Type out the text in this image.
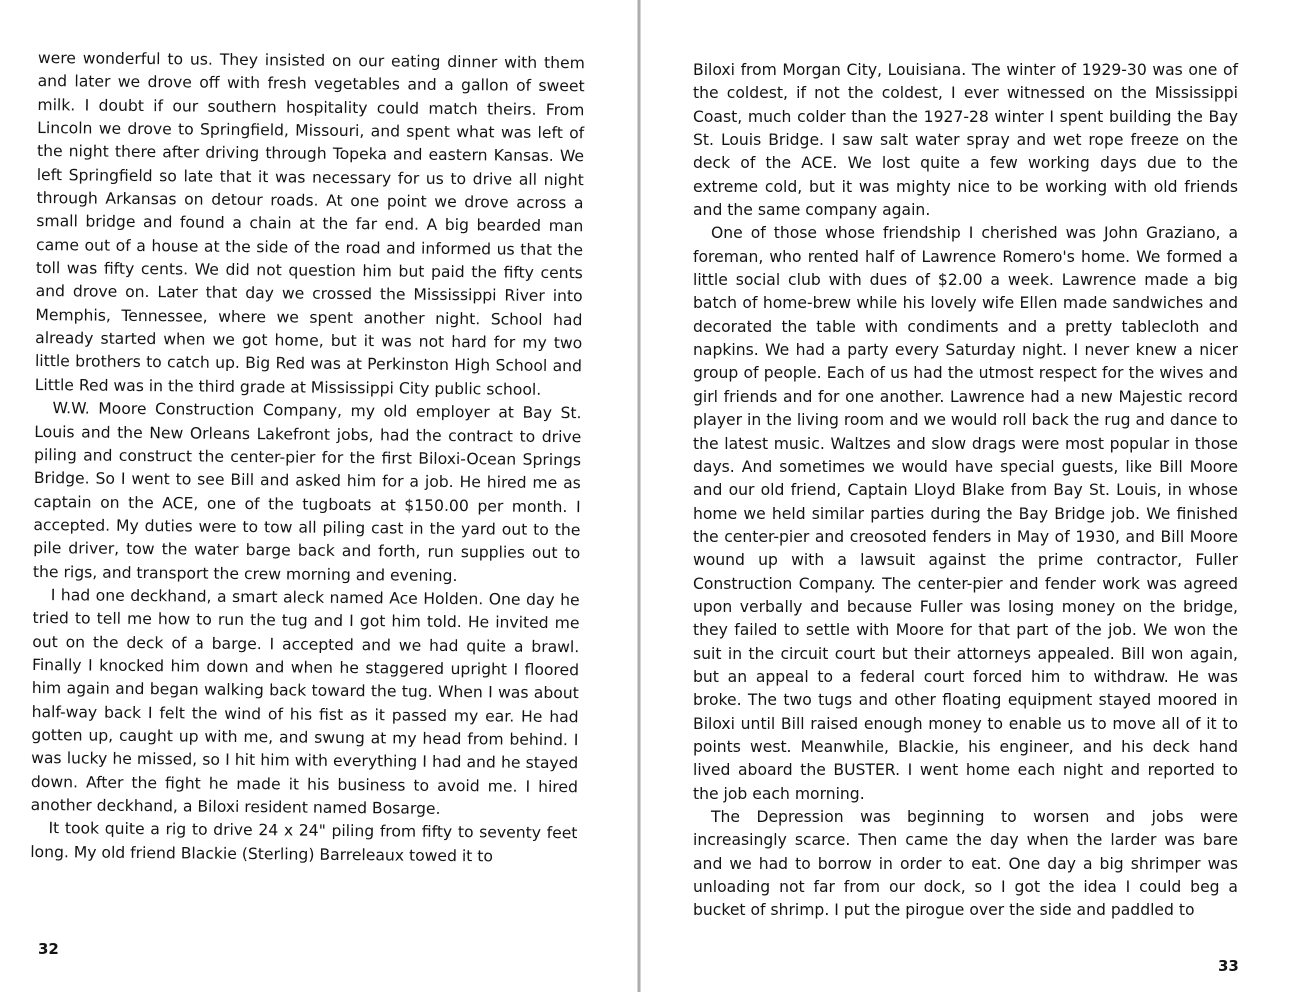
were wonderful to us. They insisted on our eating dinner with them and later we drove off with fresh vegetables and a gallon of sweet milk. I doubt if our southern hospitality could match theirs. From Lincoln we drove to Springfield, Missouri, and spent what was left of the night there after driving through Topeka and eastern Kansas. We left Springfield so late that it was necessary for us to drive all night through Arkansas on detour roads. At one point we drove across a small bridge and found a chain at the far end. A big bearded man came out of a house at the side of the road and informed us that the toll was fifty cents. We did not question him but paid the fifty cents and drove on. Later that day we crossed the Mississippi River into Memphis, Tennessee, where we spent another night. School had already started when we got home, but it was not hard for my two little brothers to catch up. Big Red was at Perkinston High School and Little Red was in the third grade at Mississippi City public school.

W.W. Moore Construction Company, my old employer at Bay St. Louis and the New Orleans Lakefront jobs, had the contract to drive piling and construct the center-pier for the first Biloxi-Ocean Springs Bridge. So I went to see Bill and asked him for a job. He hired me as captain on the ACE, one of the tugboats at $150.00 per month. I accepted. My duties were to tow all piling cast in the yard out to the pile driver, tow the water barge back and forth, run supplies out to the rigs, and transport the crew morning and evening.

I had one deckhand, a smart aleck named Ace Holden. One day he tried to tell me how to run the tug and I got him told. He invited me out on the deck of a barge. I accepted and we had quite a brawl. Finally I knocked him down and when he staggered upright I floored him again and began walking back toward the tug. When I was about half-way back I felt the wind of his fist as it passed my ear. He had gotten up, caught up with me, and swung at my head from behind. I was lucky he missed, so I hit him with everything I had and he stayed down. After the fight he made it his business to avoid me. I hired another deckhand, a Biloxi resident named Bosarge.

It took quite a rig to drive 24 x 24" piling from fifty to seventy feet long. My old friend Blackie (Sterling) Barreleaux towed it to

32

Biloxi from Morgan City, Louisiana. The winter of 1929-30 was one of the coldest, if not the coldest, I ever witnessed on the Mississippi Coast, much colder than the 1927-28 winter I spent building the Bay St. Louis Bridge. I saw salt water spray and wet rope freeze on the deck of the ACE. We lost quite a few working days due to the extreme cold, but it was mighty nice to be working with old friends and the same company again.

One of those whose friendship I cherished was John Graziano, a foreman, who rented half of Lawrence Romero's home. We formed a little social club with dues of $2.00 a week. Lawrence made a big batch of home-brew while his lovely wife Ellen made sandwiches and decorated the table with condiments and a pretty tablecloth and napkins. We had a party every Saturday night. I never knew a nicer group of people. Each of us had the utmost respect for the wives and girl friends and for one another. Lawrence had a new Majestic record player in the living room and we would roll back the rug and dance to the latest music. Waltzes and slow drags were most popular in those days. And sometimes we would have special guests, like Bill Moore and our old friend, Captain Lloyd Blake from Bay St. Louis, in whose home we held similar parties during the Bay Bridge job. We finished the center-pier and creosoted fenders in May of 1930, and Bill Moore wound up with a lawsuit against the prime contractor, Fuller Construction Company. The center-pier and fender work was agreed upon verbally and because Fuller was losing money on the bridge, they failed to settle with Moore for that part of the job. We won the suit in the circuit court but their attorneys appealed. Bill won again, but an appeal to a federal court forced him to withdraw. He was broke. The two tugs and other floating equipment stayed moored in Biloxi until Bill raised enough money to enable us to move all of it to points west. Meanwhile, Blackie, his engineer, and his deck hand lived aboard the BUSTER. I went home each night and reported to the job each morning.

The Depression was beginning to worsen and jobs were increasingly scarce. Then came the day when the larder was bare and we had to borrow in order to eat. One day a big shrimper was unloading not far from our dock, so I got the idea I could beg a bucket of shrimp. I put the pirogue over the side and paddled to

33
